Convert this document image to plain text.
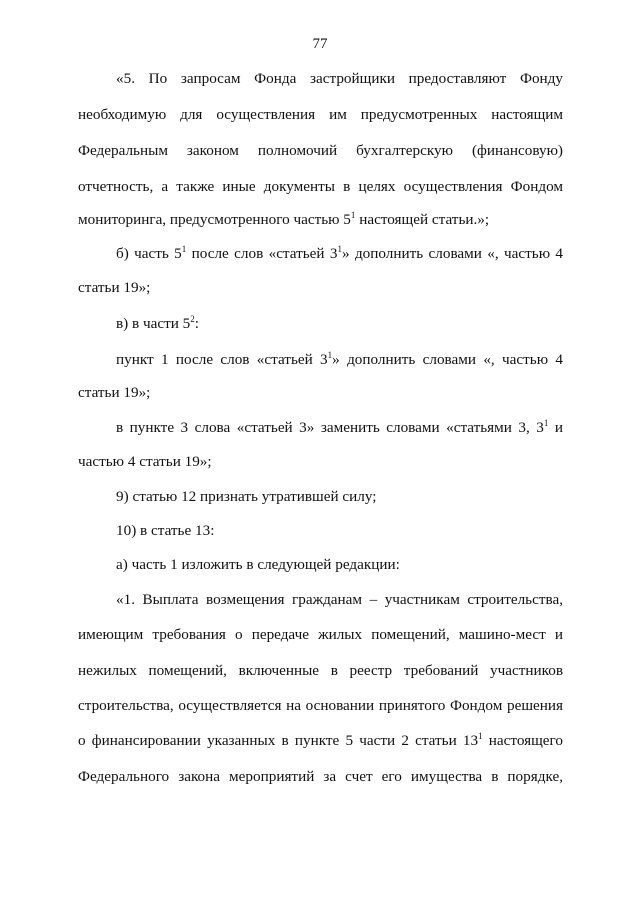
77
«5. По запросам Фонда застройщики предоставляют Фонду
необходимую для осуществления им предусмотренных настоящим
Федеральным законом полномочий бухгалтерскую (финансовую)
отчетность, а также иные документы в целях осуществления Фондом
мониторинга, предусмотренного частью $5^1$ настоящей статьи.»;
б) часть $5^1$ после слов «статьей $3^1$» дополнить словами «, частью 4
статьи 19»;
в) в части $5^2$:
пункт 1 после слов «статьей $3^1$» дополнить словами «, частью 4
статьи 19»;
в пункте 3 слова «статьей 3» заменить словами «статьями 3, $3^1$ и
частью 4 статьи 19»;
9) статью 12 признать утратившей силу;
10) в статье 13:
а) часть 1 изложить в следующей редакции:
«1. Выплата возмещения гражданам – участникам строительства,
имеющим требования о передаче жилых помещений, машино-мест и
нежилых помещений, включенные в реестр требований участников
строительства, осуществляется на основании принятого Фондом решения
о финансировании указанных в пункте 5 части 2 статьи $13^1$ настоящего
Федерального закона мероприятий за счет его имущества в порядке,
